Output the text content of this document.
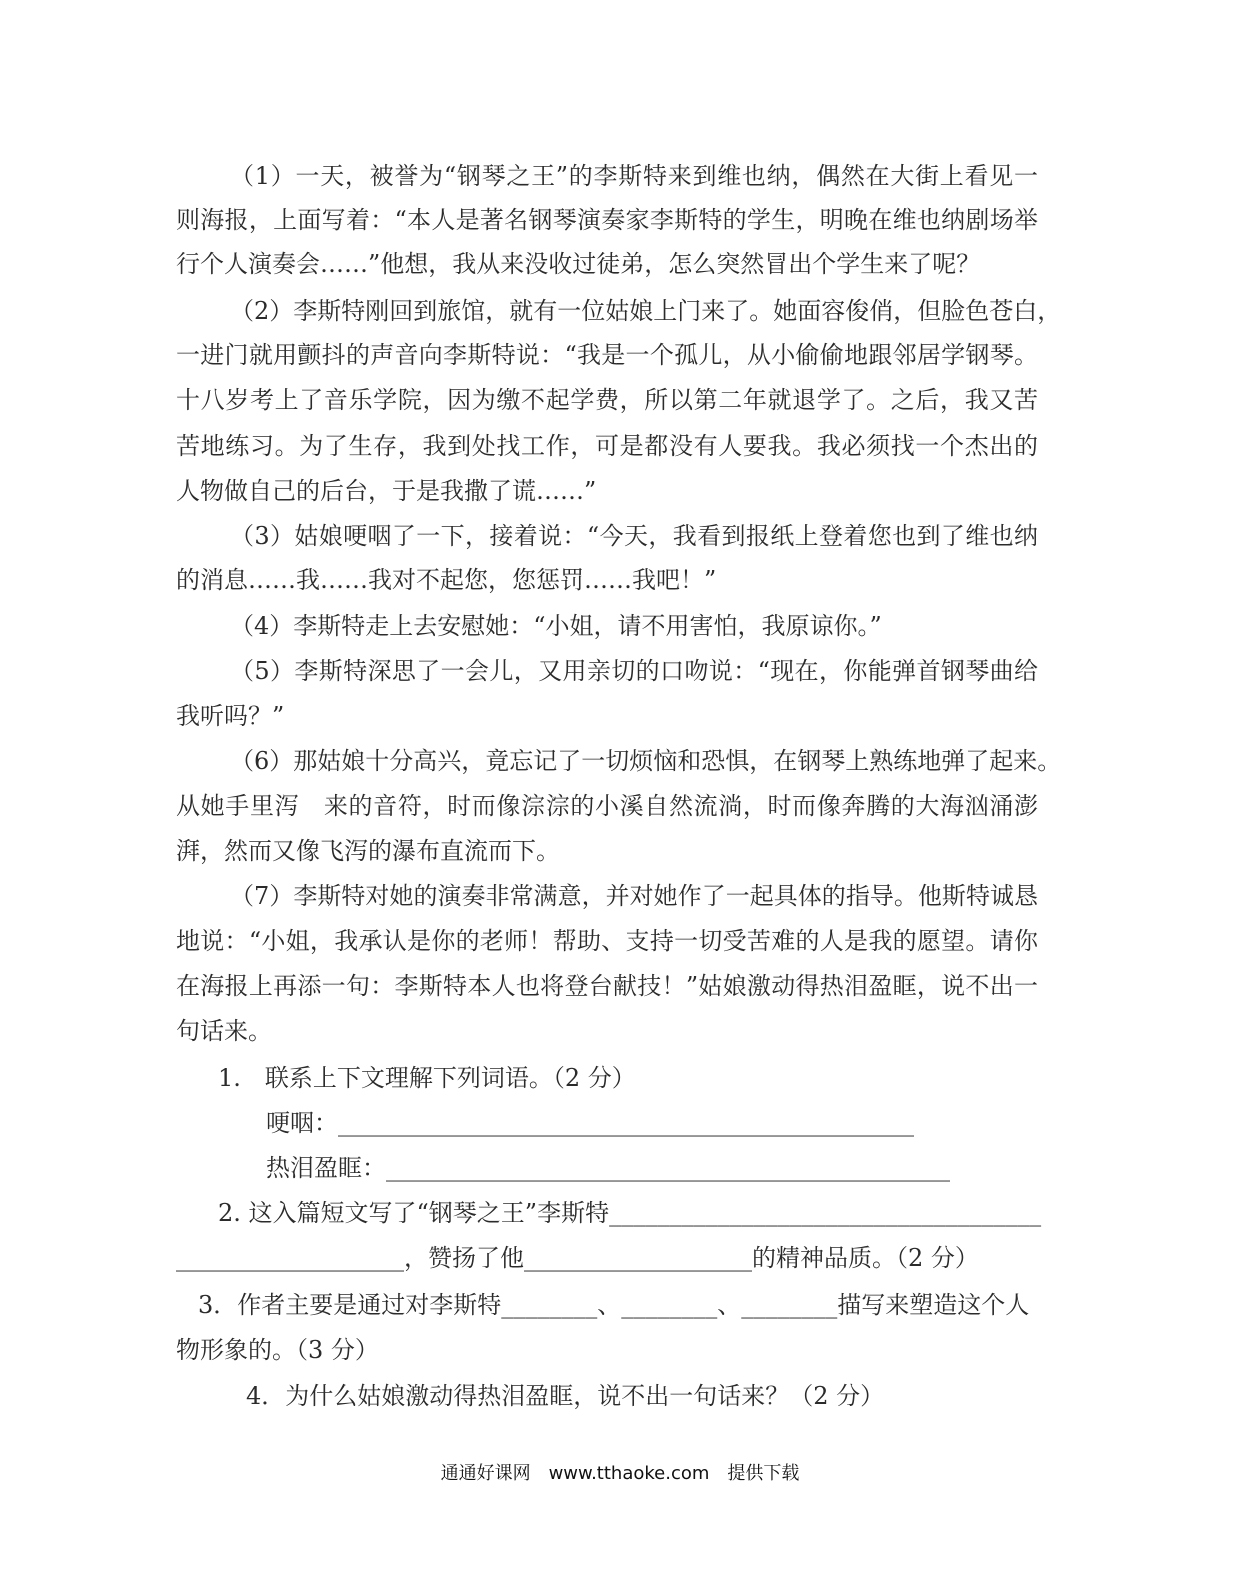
（1）一天，被誉为“钢琴之王”的李斯特来到维也纳，偶然在大街上看见一
则海报，上面写着：“本人是著名钢琴演奏家李斯特的学生，明晚在维也纳剧场举
行个人演奏会……”他想，我从来没收过徒弟，怎么突然冒出个学生来了呢？
（2）李斯特刚回到旅馆，就有一位姑娘上门来了。她面容俊俏，但脸色苍白，
一进门就用颤抖的声音向李斯特说：“我是一个孤儿，从小偷偷地跟邻居学钢琴。
十八岁考上了音乐学院，因为缴不起学费，所以第二年就退学了。之后，我又苦
苦地练习。为了生存，我到处找工作，可是都没有人要我。我必须找一个杰出的
人物做自己的后台，于是我撒了谎……”
（3）姑娘哽咽了一下，接着说：“今天，我看到报纸上登着您也到了维也纳
的消息……我……我对不起您，您惩罚……我吧！”
（4）李斯特走上去安慰她：“小姐，请不用害怕，我原谅你。”
（5）李斯特深思了一会儿，又用亲切的口吻说：“现在，你能弹首钢琴曲给
我听吗？”
（6）那姑娘十分高兴，竟忘记了一切烦恼和恐惧，在钢琴上熟练地弹了起来。
从她手里泻　来的音符，时而像淙淙的小溪自然流淌，时而像奔腾的大海汹涌澎
湃，然而又像飞泻的瀑布直流而下。
（7）李斯特对她的演奏非常满意，并对她作了一起具体的指导。他斯特诚恳
地说：“小姐，我承认是你的老师！帮助、支持一切受苦难的人是我的愿望。请你
在海报上再添一句：李斯特本人也将登台献技！”姑娘激动得热泪盈眶，说不出一
句话来。
1.　联系上下文理解下列词语。（2 分）
哽咽：________________________________________________
热泪盈眶：_______________________________________________
2. 这入篇短文写了“钢琴之王”李斯特____________________________________
___________________，赞扬了他___________________的精神品质。（2 分）
3．作者主要是通过对李斯特________、________、________描写来塑造这个人
物形象的。（3 分）
4．为什么姑娘激动得热泪盈眶，说不出一句话来？（2 分）
通通好课网　www.tthaoke.com　提供下载
